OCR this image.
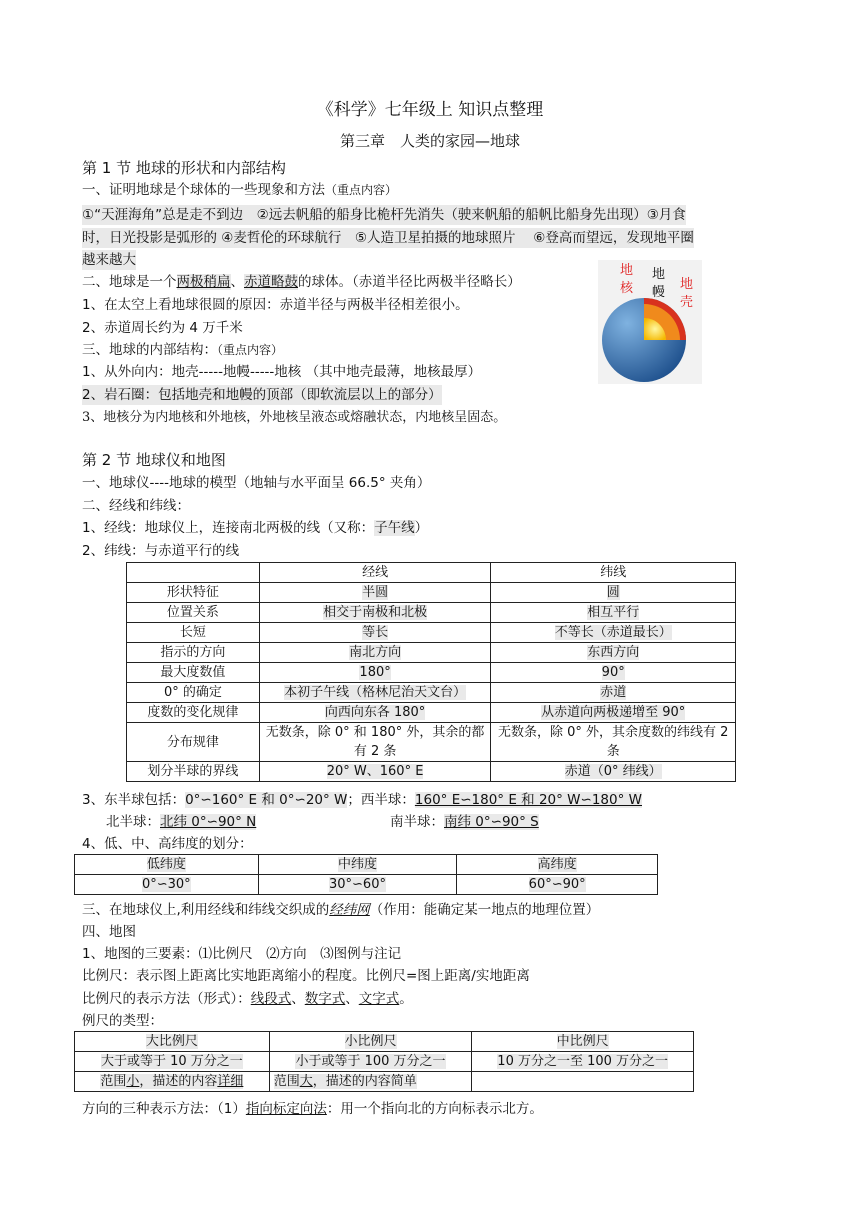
《科学》七年级上 知识点整理
第三章　人类的家园—地球
第 1 节 地球的形状和内部结构
一、证明地球是个球体的一些现象和方法（重点内容）
①“天涯海角”总是走不到边　②远去帆船的船身比桅杆先消失（驶来帆船的船帆比船身先出现）③月食
时，日光投影是弧形的 ④麦哲伦的环球航行　⑤人造卫星拍摄的地球照片　 ⑥登高而望远，发现地平圈
越来越大
二、地球是一个两极稍扁、赤道略鼓的球体。（赤道半径比两极半径略长）
1、在太空上看地球很圆的原因：赤道半径与两极半径相差很小。
2、赤道周长约为 4 万千米
三、地球的内部结构：（重点内容）
1、从外向内：地壳-----地幔-----地核 （其中地壳最薄，地核最厚）
2、岩石圈：包括地壳和地幔的顶部（即软流层以上的部分）
3、地核分为内地核和外地核，外地核呈液态或熔融状态，内地核呈固态。
地核
地幔
地壳
第 2 节 地球仪和地图
一、地球仪----地球的模型（地轴与水平面呈 66.5° 夹角）
二、经线和纬线：
1、经线：地球仪上，连接南北两极的线（又称：子午线）
2、纬线：与赤道平行的线
	经线	纬线
形状特征	半圆	圆
位置关系	相交于南极和北极	相互平行
长短	等长	不等长（赤道最长）
指示的方向	南北方向	东西方向
最大度数值	180°	90°
0° 的确定	本初子午线（格林尼治天文台）	赤道
度数的变化规律	向西向东各 180°	从赤道向两极递增至 90°
分布规律	无数条，除 0° 和 180° 外，其余的都有 2 条	无数条，除 0° 外，其余度数的纬线有 2 条
划分半球的界线	20° W、160° E	赤道（0° 纬线）
3、东半球包括：0°∽160° E 和 0°∽20° W；西半球：160° E∽180° E 和 20° W∽180° W
北半球：北纬 0°∽90° N	南半球：南纬 0°∽90° S
4、低、中、高纬度的划分：
低纬度	中纬度	高纬度
0°∽30°	30°∽60°	60°∽90°
三、在地球仪上,利用经线和纬线交织成的经纬网（作用：能确定某一地点的地理位置）
四、地图
1、地图的三要素：⑴比例尺　⑵方向　⑶图例与注记
比例尺：表示图上距离比实地距离缩小的程度。比例尺=图上距离/实地距离
比例尺的表示方法（形式）：线段式、数字式、文字式。
例尺的类型：
大比例尺	小比例尺	中比例尺
大于或等于 10 万分之一	小于或等于 100 万分之一	10 万分之一至 100 万分之一
范围小，描述的内容详细	范围大，描述的内容简单	
方向的三种表示方法：（1）指向标定向法：用一个指向北的方向标表示北方。
